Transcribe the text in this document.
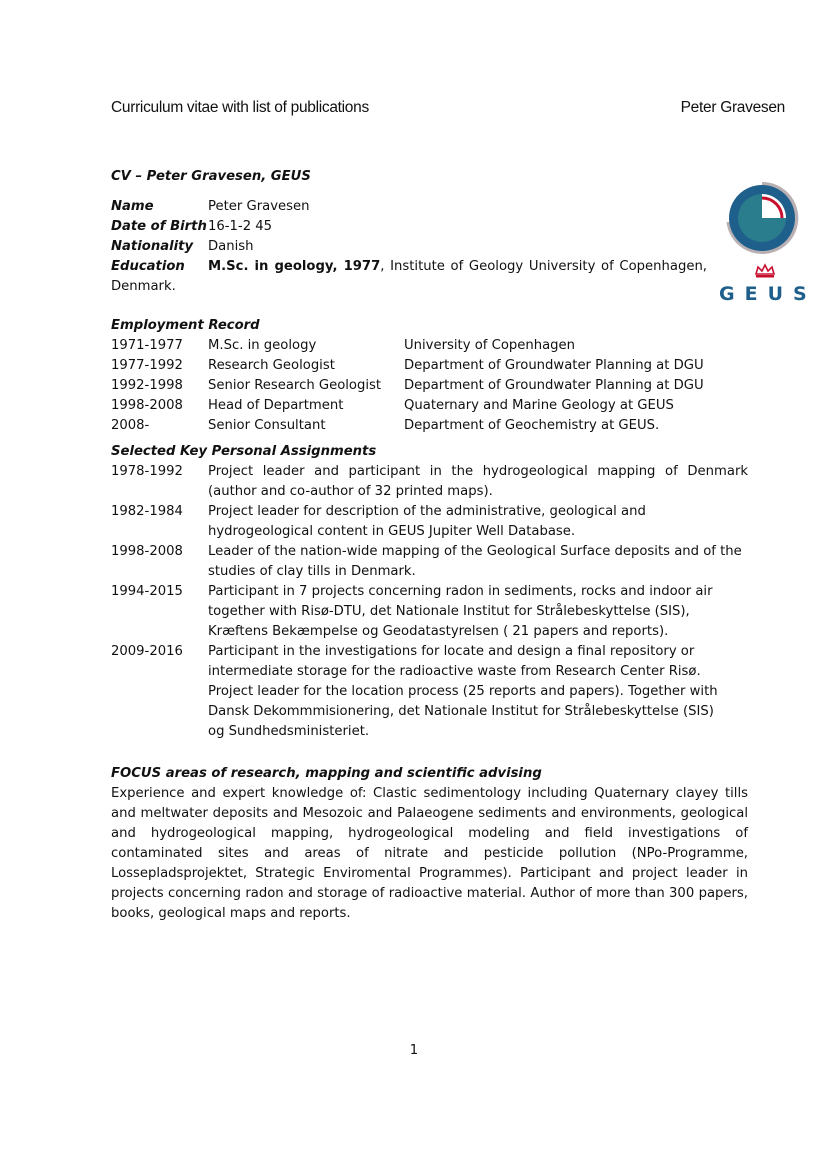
Curriculum vitae with list of publications	Peter Gravesen
CV – Peter Gravesen, GEUS
Name	Peter Gravesen
Date of Birth 16-1-2 45
Nationality	Danish
Education M.Sc. in geology, 1977, Institute of Geology University of Copenhagen, Denmark.
Employment Record
1971-1977	M.Sc. in geology	University of Copenhagen
1977-1992	Research Geologist	Department of Groundwater Planning at DGU
1992-1998	Senior Research Geologist	Department of Groundwater Planning at DGU
1998-2008	Head of Department	Quaternary and Marine Geology at GEUS
2008-	Senior Consultant	Department of Geochemistry at GEUS.
Selected Key Personal Assignments
1978-1992	Project leader and participant in the hydrogeological mapping of Denmark (author and co-author of 32 printed maps).
1982-1984	Project leader for description of the administrative, geological and hydrogeological content in GEUS Jupiter Well Database.
1998-2008	Leader of the nation-wide mapping of the Geological Surface deposits and of the studies of clay tills in Denmark.
1994-2015	Participant in 7 projects concerning radon in sediments, rocks and indoor air together with Risø-DTU, det Nationale Institut for Strålebeskyttelse (SIS), Kræftens Bekæmpelse og Geodatastyrelsen ( 21 papers and reports).
2009-2016	Participant in the investigations for locate and design a final repository or intermediate storage for the radioactive waste from Research Center Risø. Project leader for the location process (25 reports and papers). Together with Dansk Dekommmisionering, det Nationale Institut for Strålebeskyttelse (SIS) og Sundhedsministeriet.
FOCUS areas of research, mapping and scientific advising
Experience and expert knowledge of: Clastic sedimentology including Quaternary clayey tills and meltwater deposits and Mesozoic and Palaeogene sediments and environments, geological and hydrogeological mapping, hydrogeological modeling and field investigations of contaminated sites and areas of nitrate and pesticide pollution (NPo-Programme, Lossepladsprojektet, Strategic Enviromental Programmes). Participant and project leader in projects concerning radon and storage of radioactive material. Author of more than 300 papers, books, geological maps and reports.
1
GEUS
